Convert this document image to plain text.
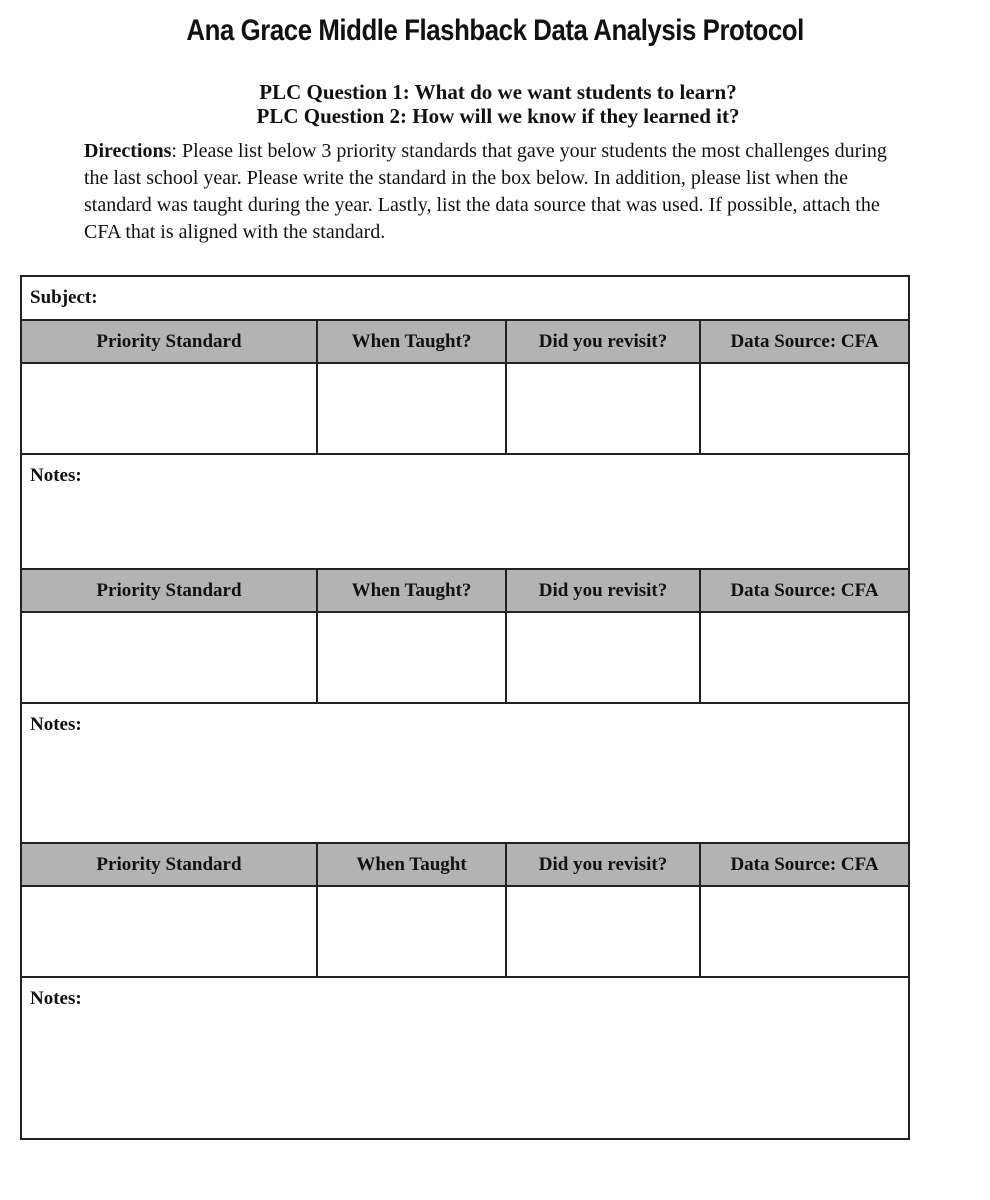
Ana Grace Middle Flashback Data Analysis Protocol
PLC Question 1: What do we want students to learn?
PLC Question 2: How will we know if they learned it?
Directions: Please list below 3 priority standards that gave your students the most challenges during the last school year. Please write the standard in the box below. In addition, please list when the standard was taught during the year. Lastly, list the data source that was used. If possible, attach the CFA that is aligned with the standard.
Subject:
Priority Standard	When Taught?	Did you revisit?	Data Source: CFA
Notes:
Priority Standard	When Taught?	Did you revisit?	Data Source: CFA
Notes:
Priority Standard	When Taught	Did you revisit?	Data Source: CFA
Notes:
